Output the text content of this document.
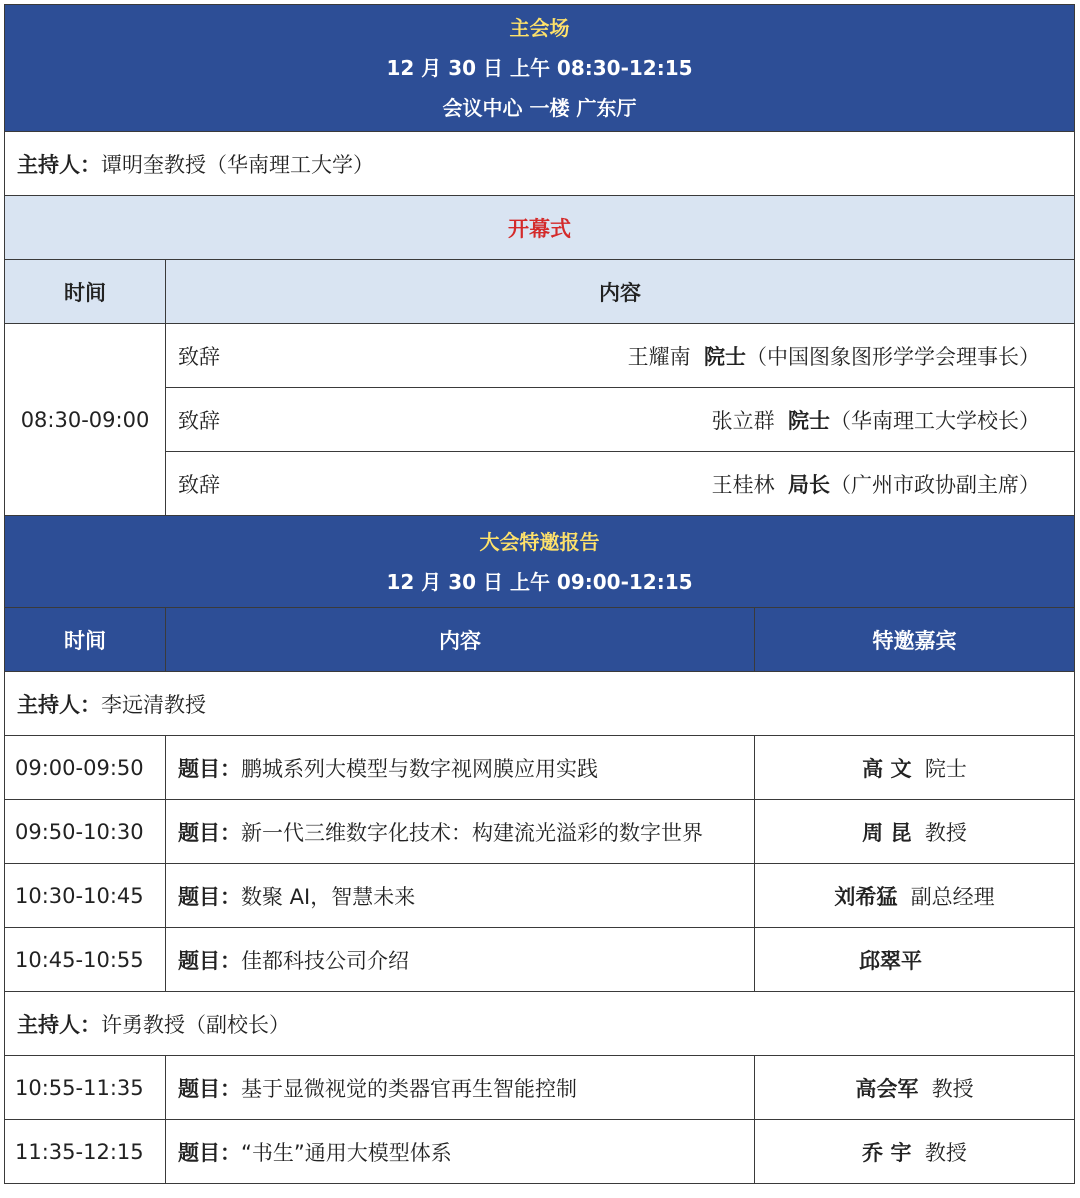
主会场
12 月 30 日 上午 08:30-12:15
会议中心 一楼 广东厅		

主持人：谭明奎教授（华南理工大学）		
开幕式		
时间	内容	
08:30-09:00	致辞 王耀南 院士（中国图象图形学学会理事长）	

	致辞 张立群 院士（华南理工大学校长）	

	致辞 王桂林 局长（广州市政协副主席）	

大会特邀报告
12 月 30 日 上午 09:00-12:15		

时间	内容	特邀嘉宾
主持人：李远清教授		
09:00-09:50	题目：鹏城系列大模型与数字视网膜应用实践	高 文 院士
09:50-10:30	题目：新一代三维数字化技术：构建流光溢彩的数字世界	周 昆 教授
10:30-10:45	题目：数聚 AI，智慧未来	刘希猛 副总经理
10:45-10:55	题目：佳都科技公司介绍	邱翠平
主持人：许勇教授（副校长）		
10:55-11:35	题目：基于显微视觉的类器官再生智能控制	高会军 教授
11:35-12:15	题目：“书生”通用大模型体系	乔 宇 教授
